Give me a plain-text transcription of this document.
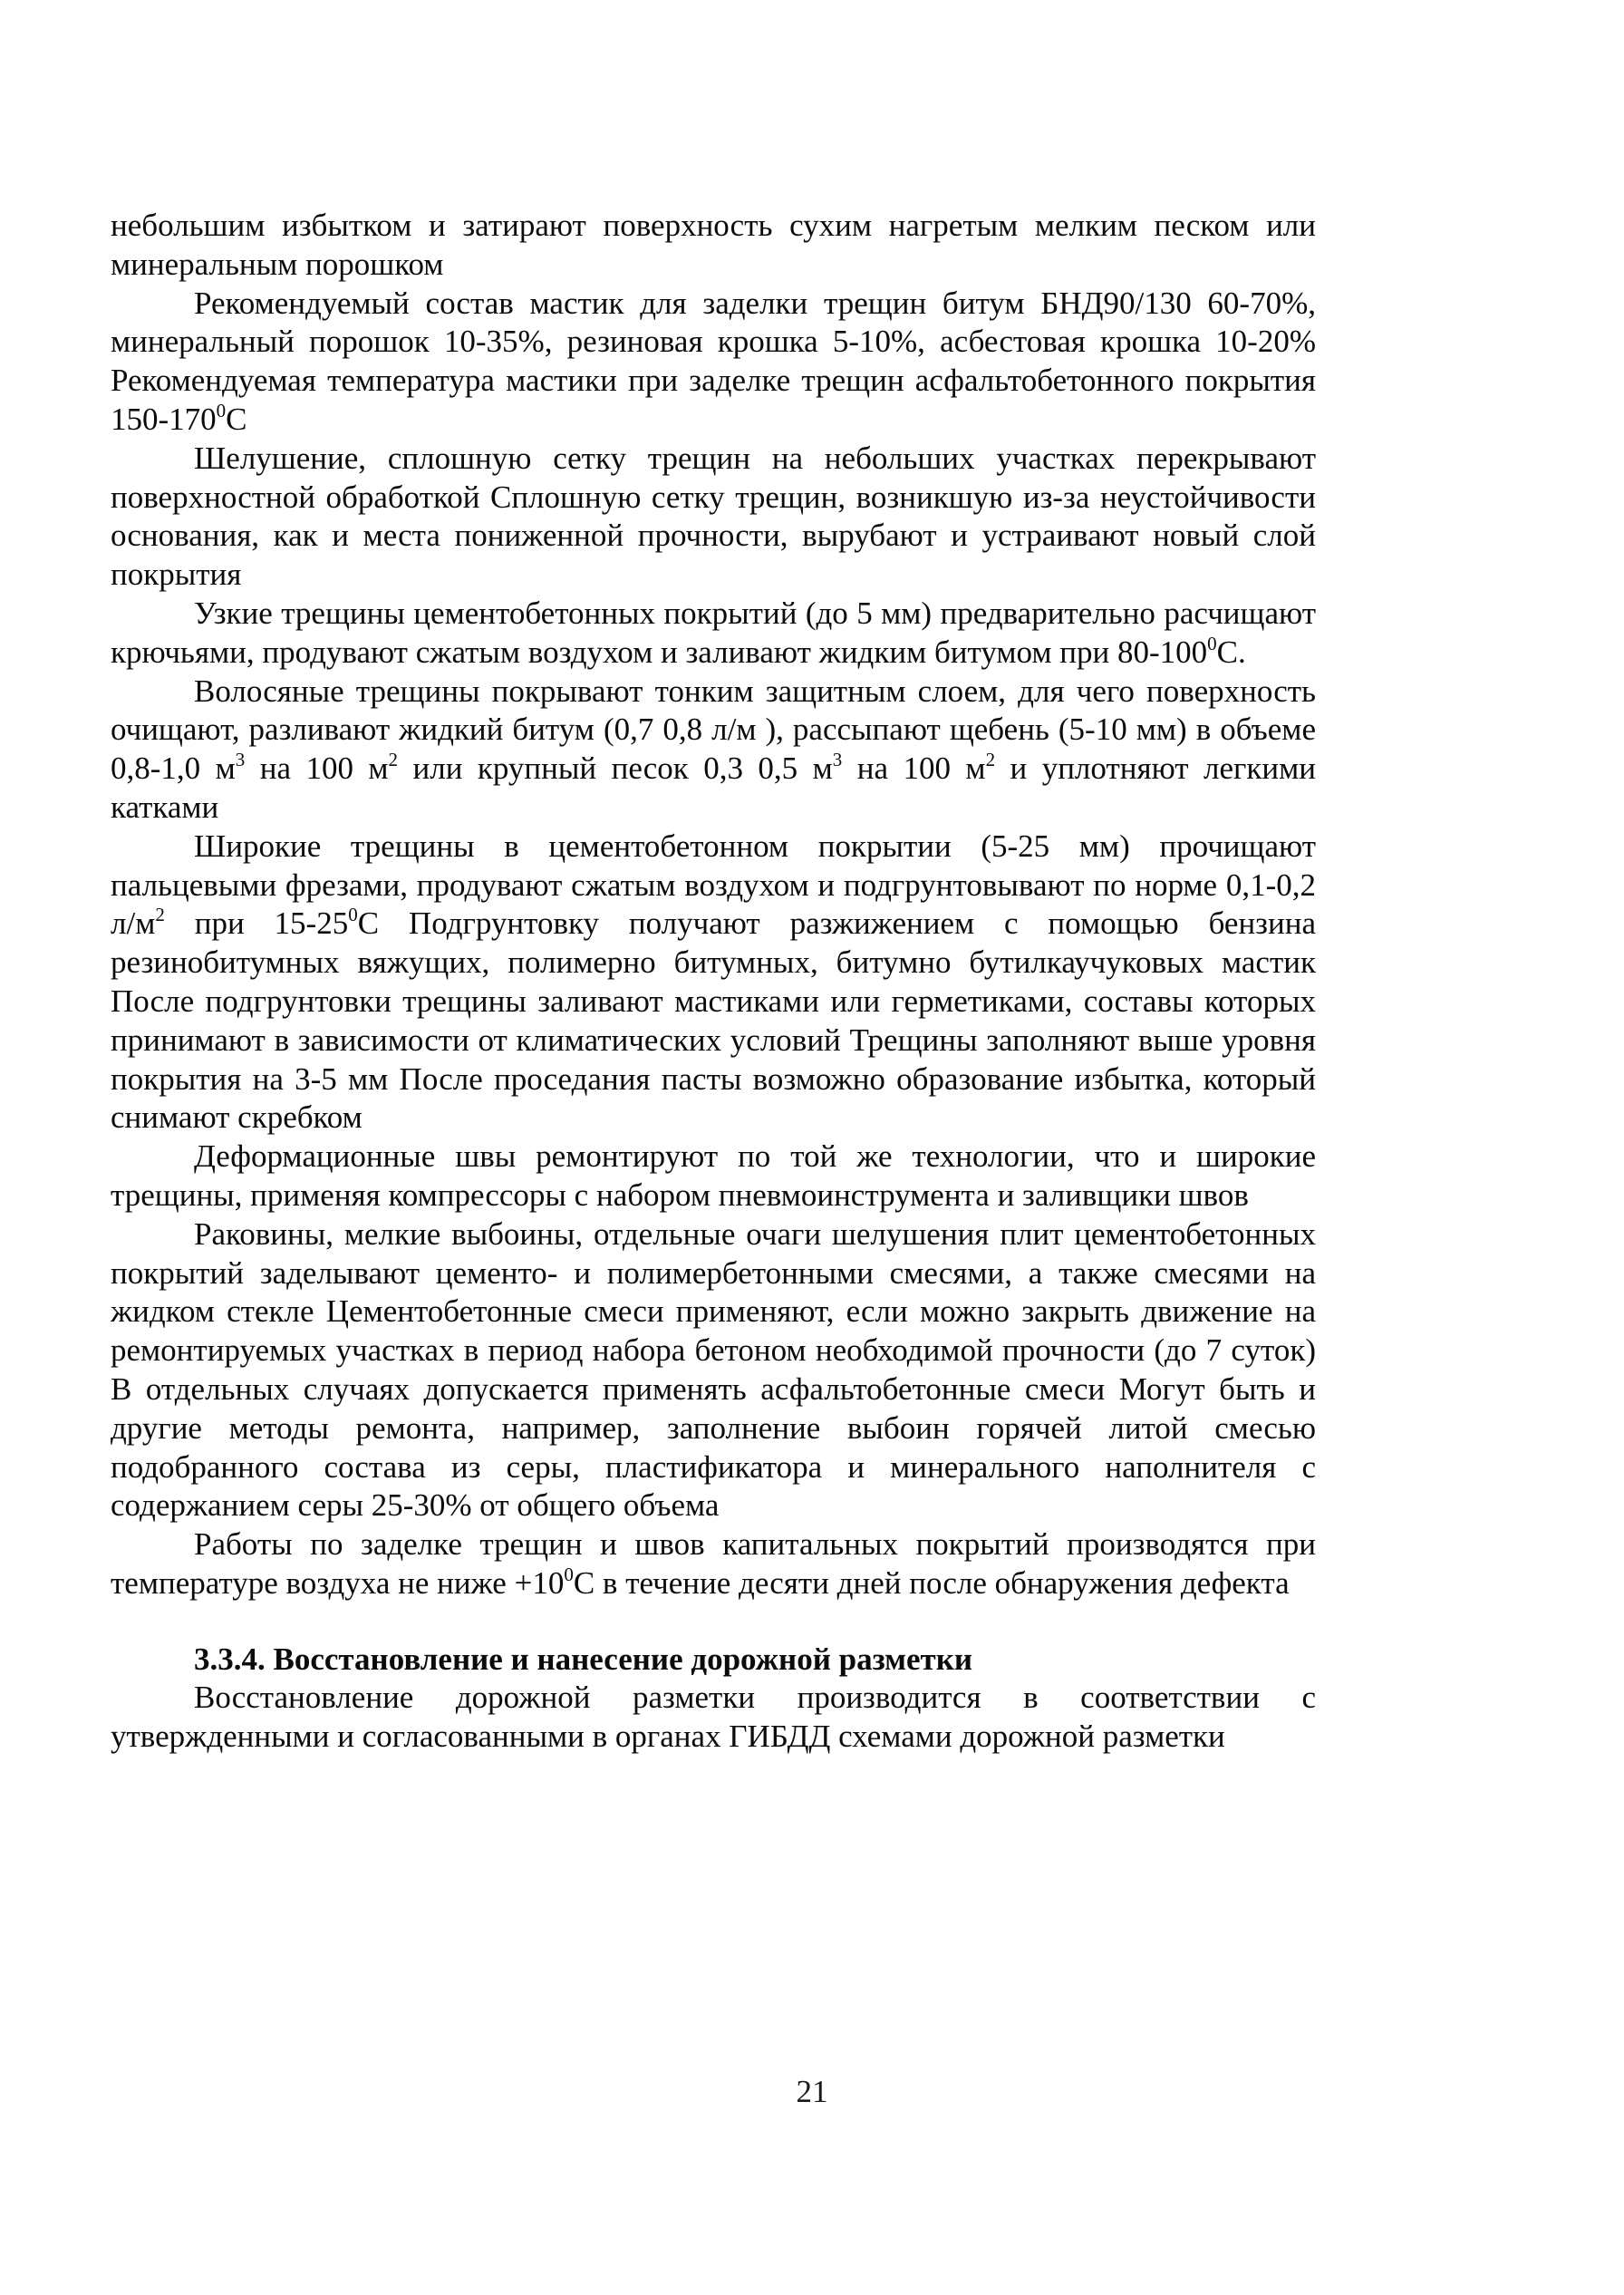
небольшим избытком и затирают поверхность сухим нагретым мелким песком или минеральным порошком

Рекомендуемый состав мастик для заделки трещин битум БНД90/130 60-70%, минеральный порошок 10-35%, резиновая крошка 5-10%, асбестовая крошка 10-20% Рекомендуемая температура мастики при заделке трещин асфальтобетонного покрытия $150-170^0С$

Шелушение, сплошную сетку трещин на небольших участках перекрывают поверхностной обработкой Сплошную сетку трещин, возникшую из-за неустойчивости основания, как и места пониженной прочности, вырубают и устраивают новый слой покрытия

Узкие трещины цементобетонных покрытий (до 5 мм) предварительно расчищают крючьями, продувают сжатым воздухом и заливают жидким битумом при $80-100^0С$.

Волосяные трещины покрывают тонким защитным слоем, для чего поверхность очищают, разливают жидкий битум (0,7 0,8 л/м ), рассыпают щебень (5-10 мм) в объеме 0,8-1,0 $м^3$ на 100 $м^2$ или крупный песок 0,3 0,5 $м^3$ на 100 $м^2$ и уплотняют легкими катками

Широкие трещины в цементобетонном покрытии (5-25 мм) прочищают пальцевыми фрезами, продувают сжатым воздухом и подгрунтовывают по норме 0,1-0,2 $л/м^2$ при $15-25^0С$ Подгрунтовку получают разжижением с помощью бензина резинобитумных вяжущих, полимерно битумных, битумно бутилкаучуковых мастик После подгрунтовки трещины заливают мастиками или герметиками, составы которых принимают в зависимости от климатических условий Трещины заполняют выше уровня покрытия на 3-5 мм После проседания пасты возможно образование избытка, который снимают скребком

Деформационные швы ремонтируют по той же технологии, что и широкие трещины, применяя компрессоры с набором пневмоинструмента и заливщики швов

Раковины, мелкие выбоины, отдельные очаги шелушения плит цементобетонных покрытий заделывают цементо- и полимербетонными смесями, а также смесями на жидком стекле Цементобетонные смеси применяют, если можно закрыть движение на ремонтируемых участках в период набора бетоном необходимой прочности (до 7 суток) В отдельных случаях допускается применять асфальтобетонные смеси Могут быть и другие методы ремонта, например, заполнение выбоин горячей литой смесью подобранного состава из серы, пластификатора и минерального наполнителя с содержанием серы 25-30% от общего объема

Работы по заделке трещин и швов капитальных покрытий производятся при температуре воздуха не ниже $+10^0С$ в течение десяти дней после обнаружения дефекта

3.3.4. Восстановление и нанесение дорожной разметки

Восстановление дорожной разметки производится в соответствии с утвержденными и согласованными в органах ГИБДД схемами дорожной разметки

21
